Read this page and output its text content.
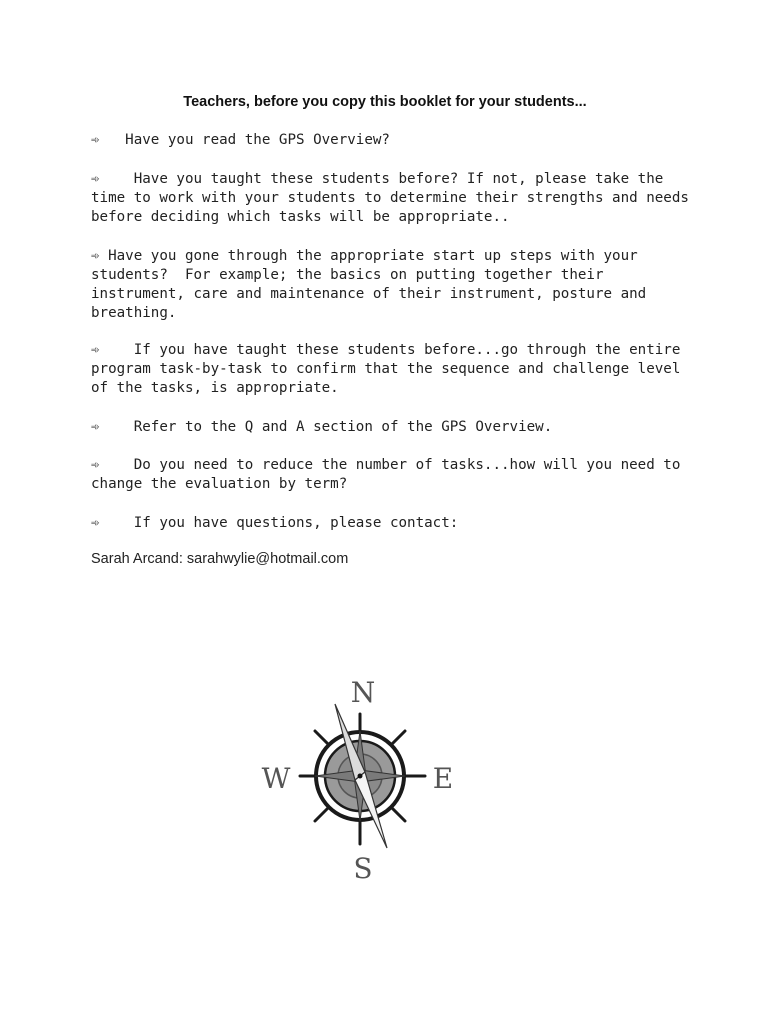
Teachers, before you copy this booklet for your students...

➾ Have you read the GPS Overview?

➾ Have you taught these students before? If not, please take the time to work with your students to determine their strengths and needs before deciding which tasks will be appropriate..

➾ Have you gone through the appropriate start up steps with your students?  For example; the basics on putting together their instrument, care and maintenance of their instrument, posture and breathing.

➾ If you have taught these students before...go through the entire program task-by-task to confirm that the sequence and challenge level of the tasks, is appropriate.

➾ Refer to the Q and A section of the GPS Overview.

➾ Do you need to reduce the number of tasks...how will you need to change the evaluation by term?

➾ If you have questions, please contact:

Sarah Arcand: sarahwylie@hotmail.com
N
E
S
W
